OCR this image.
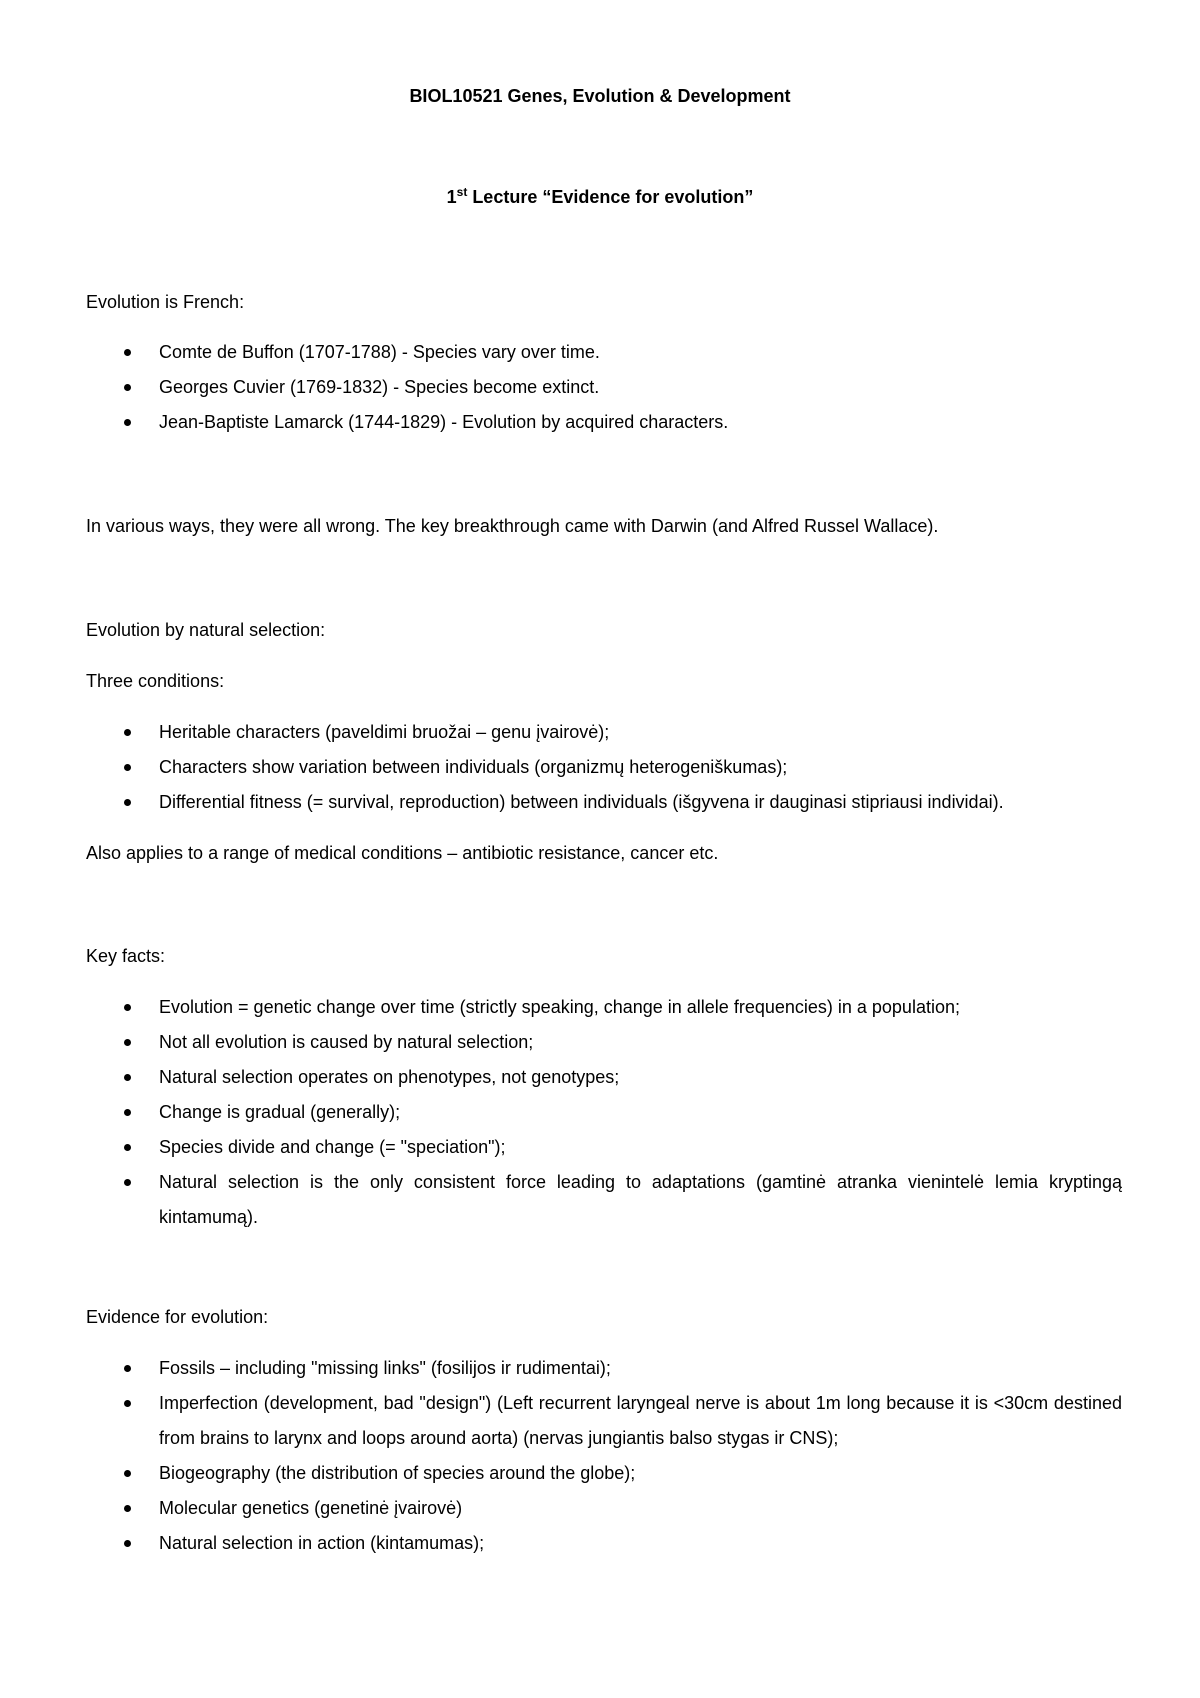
BIOL10521 Genes, Evolution & Development

1st Lecture “Evidence for evolution”

Evolution is French:

Comte de Buffon (1707-1788) - Species vary over time.
Georges Cuvier (1769-1832) - Species become extinct.
Jean-Baptiste Lamarck (1744-1829) - Evolution by acquired characters.

In various ways, they were all wrong. The key breakthrough came with Darwin (and Alfred Russel Wallace).

Evolution by natural selection:

Three conditions:

Heritable characters (paveldimi bruožai – genu įvairovė);
Characters show variation between individuals (organizmų heterogeniškumas);
Differential fitness (= survival, reproduction) between individuals (išgyvena ir dauginasi stipriausi individai).

Also applies to a range of medical conditions – antibiotic resistance, cancer etc.

Key facts:

Evolution = genetic change over time (strictly speaking, change in allele frequencies) in a population;
Not all evolution is caused by natural selection;
Natural selection operates on phenotypes, not genotypes;
Change is gradual (generally);
Species divide and change (= "speciation");
Natural selection is the only consistent force leading to adaptations (gamtinė atranka vienintelė lemia kryptingą kintamumą).

Evidence for evolution:

Fossils – including "missing links" (fosilijos ir rudimentai);
Imperfection (development, bad "design") (Left recurrent laryngeal nerve is about 1m long because it is <30cm destined from brains to larynx and loops around aorta) (nervas jungiantis balso stygas ir CNS);
Biogeography (the distribution of species around the globe);
Molecular genetics (genetinė įvairovė)
Natural selection in action (kintamumas);
